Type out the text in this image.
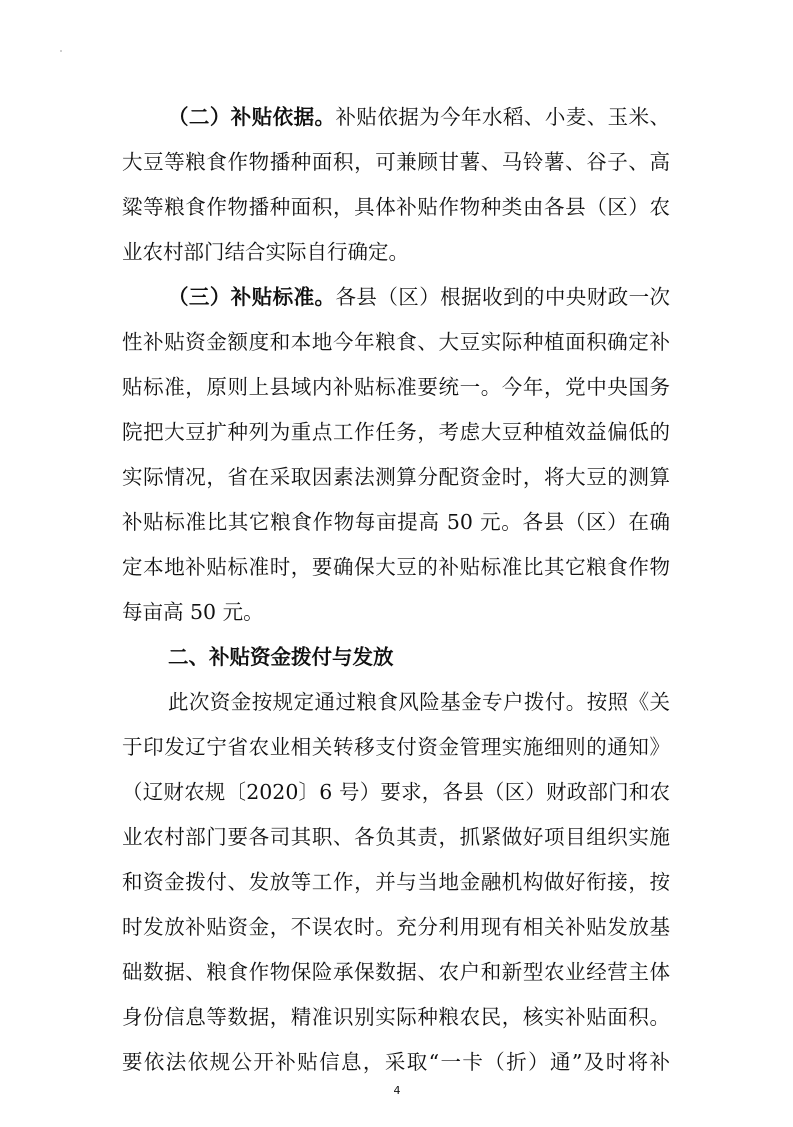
（二）补贴依据。补贴依据为今年水稻、小麦、玉米、
大豆等粮食作物播种面积，可兼顾甘薯、马铃薯、谷子、高
粱等粮食作物播种面积，具体补贴作物种类由各县（区）农
业农村部门结合实际自行确定。
（三）补贴标准。各县（区）根据收到的中央财政一次
性补贴资金额度和本地今年粮食、大豆实际种植面积确定补
贴标准，原则上县域内补贴标准要统一。今年，党中央国务
院把大豆扩种列为重点工作任务，考虑大豆种植效益偏低的
实际情况，省在采取因素法测算分配资金时，将大豆的测算
补贴标准比其它粮食作物每亩提高 50 元。各县（区）在确
定本地补贴标准时，要确保大豆的补贴标准比其它粮食作物
每亩高 50 元。
二、补贴资金拨付与发放
此次资金按规定通过粮食风险基金专户拨付。按照《关
于印发辽宁省农业相关转移支付资金管理实施细则的通知》
（辽财农规〔2020〕6 号）要求，各县（区）财政部门和农
业农村部门要各司其职、各负其责，抓紧做好项目组织实施
和资金拨付、发放等工作，并与当地金融机构做好衔接，按
时发放补贴资金，不误农时。充分利用现有相关补贴发放基
础数据、粮食作物保险承保数据、农户和新型农业经营主体
身份信息等数据，精准识别实际种粮农民，核实补贴面积。
要依法依规公开补贴信息，采取“一卡（折）通”及时将补
4
